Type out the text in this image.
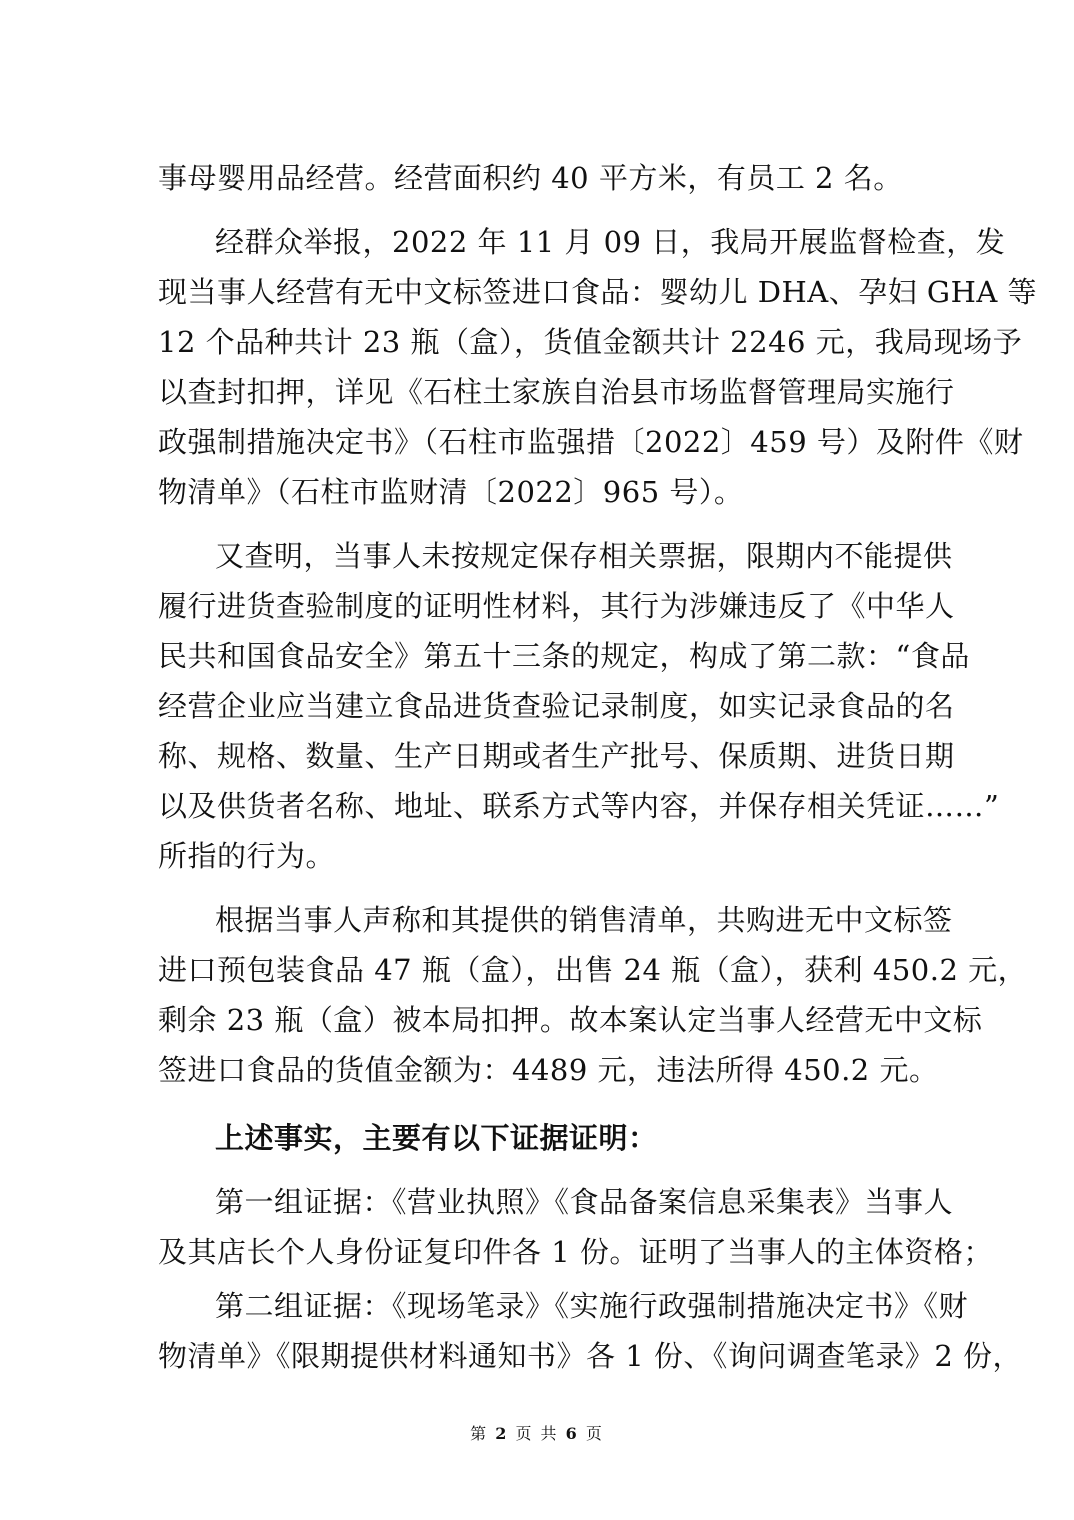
事母婴用品经营。经营面积约 40 平方米，有员工 2 名。
经群众举报，2022 年 11 月 09 日，我局开展监督检查，发
现当事人经营有无中文标签进口食品：婴幼儿 DHA、孕妇 GHA 等
12 个品种共计 23 瓶（盒），货值金额共计 2246 元，我局现场予
以查封扣押，详见《石柱土家族自治县市场监督管理局实施行
政强制措施决定书》（石柱市监强措〔2022〕459 号）及附件《财
物清单》（石柱市监财清〔2022〕965 号）。
又查明，当事人未按规定保存相关票据，限期内不能提供
履行进货查验制度的证明性材料，其行为涉嫌违反了《中华人
民共和国食品安全》第五十三条的规定，构成了第二款：“食品
经营企业应当建立食品进货查验记录制度，如实记录食品的名
称、规格、数量、生产日期或者生产批号、保质期、进货日期
以及供货者名称、地址、联系方式等内容，并保存相关凭证……”
所指的行为。
根据当事人声称和其提供的销售清单，共购进无中文标签
进口预包装食品 47 瓶（盒），出售 24 瓶（盒），获利 450.2 元，
剩余 23 瓶（盒）被本局扣押。故本案认定当事人经营无中文标
签进口食品的货值金额为：4489 元，违法所得 450.2 元。
上述事实，主要有以下证据证明：
第一组证据：《营业执照》《食品备案信息采集表》当事人
及其店长个人身份证复印件各 1 份。证明了当事人的主体资格；
第二组证据：《现场笔录》《实施行政强制措施决定书》《财
物清单》《限期提供材料通知书》各 1 份、《询问调查笔录》2 份，
第 2 页 共 6 页
